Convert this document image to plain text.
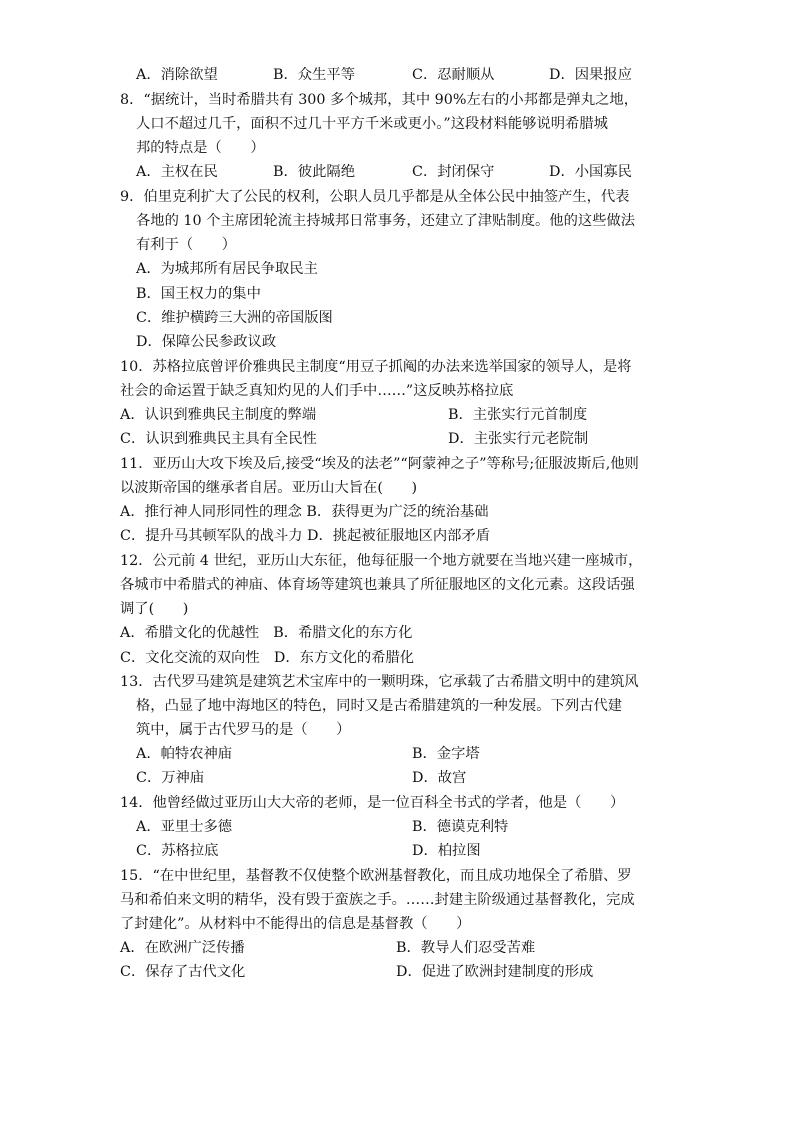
A．消除欲望	B．众生平等	C．忍耐顺从	D．因果报应
8．“据统计，当时希腊共有 300 多个城邦，其中 90%左右的小邦都是弹丸之地，
人口不超过几千，面积不过几十平方千米或更小。”这段材料能够说明希腊城
邦的特点是（　　）
A．主权在民	B．彼此隔绝	C．封闭保守	D．小国寡民
9．伯里克利扩大了公民的权利，公职人员几乎都是从全体公民中抽签产生，代表
各地的 10 个主席团轮流主持城邦日常事务，还建立了津贴制度。他的这些做法
有利于（　　）
A．为城邦所有居民争取民主
B．国王权力的集中
C．维护横跨三大洲的帝国版图
D．保障公民参政议政
10．苏格拉底曾评价雅典民主制度“用豆子抓阄的办法来选举国家的领导人，是将
社会的命运置于缺乏真知灼见的人们手中……”这反映苏格拉底
A．认识到雅典民主制度的弊端	B．主张实行元首制度
C．认识到雅典民主具有全民性	D．主张实行元老院制
11．亚历山大攻下埃及后,接受“埃及的法老”“阿蒙神之子”等称号;征服波斯后,他则
以波斯帝国的继承者自居。亚历山大旨在(　　)
A．推行神人同形同性的理念 B．获得更为广泛的统治基础
C．提升马其顿军队的战斗力 D．挑起被征服地区内部矛盾
12．公元前 4 世纪，亚历山大东征，他每征服一个地方就要在当地兴建一座城市，
各城市中希腊式的神庙、体育场等建筑也兼具了所征服地区的文化元素。这段话强
调了(　　)
A．希腊文化的优越性　B．希腊文化的东方化
C．文化交流的双向性　D．东方文化的希腊化
13．古代罗马建筑是建筑艺术宝库中的一颗明珠，它承载了古希腊文明中的建筑风
格，凸显了地中海地区的特色，同时又是古希腊建筑的一种发展。下列古代建
筑中，属于古代罗马的是（　　）
A．帕特农神庙	B．金字塔
C．万神庙	D．故宫
14．他曾经做过亚历山大大帝的老师，是一位百科全书式的学者，他是（　　）
A．亚里士多德	B．德谟克利特
C．苏格拉底	D．柏拉图
15．“在中世纪里，基督教不仅使整个欧洲基督教化，而且成功地保全了希腊、罗
马和希伯来文明的精华，没有毁于蛮族之手。……封建主阶级通过基督教化，完成
了封建化”。从材料中不能得出的信息是基督教（　　）
A．在欧洲广泛传播	B．教导人们忍受苦难
C．保存了古代文化	D．促进了欧洲封建制度的形成
